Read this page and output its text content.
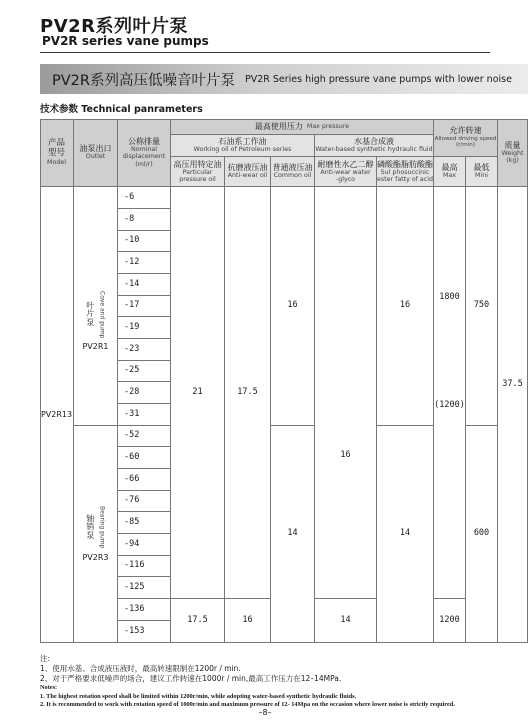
PV2R系列叶片泵
PV2R series vane pumps
PV2R系列高压低噪音叶片泵 PV2R Series high pressure vane pumps with lower noise
技术参数 Technical panrameters
产品
型号
Model
油泵出口
Outlet
公称排量
Nominal
displacement
(ml/r)
最高使用压力 Max pressure
石油系工作油
Working oil of Petroleum series
水基合成液
Water-based synthetic hydraulic fluid
高压用特定油
Particular
pressure oil
抗磨液压油
Anti-wear oil
普通液压油
Common oil
耐磨性水乙二醇
Anti-wear water
-glyco
磷酸酯脂肪酸酯
Sul phosuccinic
ester fatty of acid
允许转速
Allowed driving speed
(r/min)
最高
Max
最低
Mini
质量
Weight
(kg)
PV2R13
叶
片
泵 Cove and pump
PV2R1
轴
销
泵 Bearing pump
PV2R3
-6
-8
-10
-12
-14
-17
-19
-23
-25
-28
-31
-52
-60
-66
-76
-85
-94
-116
-125
-136
-153
21
17.5
17.5
16
16
14
16
14
16
14
1800
(1200)
1200
750
600
37.5
注:
1、使用水基、合成液压液时，最高转速限制在1200r / min.
2、对于严格要求低噪声的场合，建议工作转速在1000r / min,最高工作压力在12–14MPa.
Notes:
1. The highest rotation speed shall be limited within 1200r/min, while adopting water-based synthetic hydraulic fluids.
2. It is recommended to work with rotation speed of 1000r/min and maximum pressure of 12- 14Mpa on the occasion where lower noise is strictly required.
–8–
